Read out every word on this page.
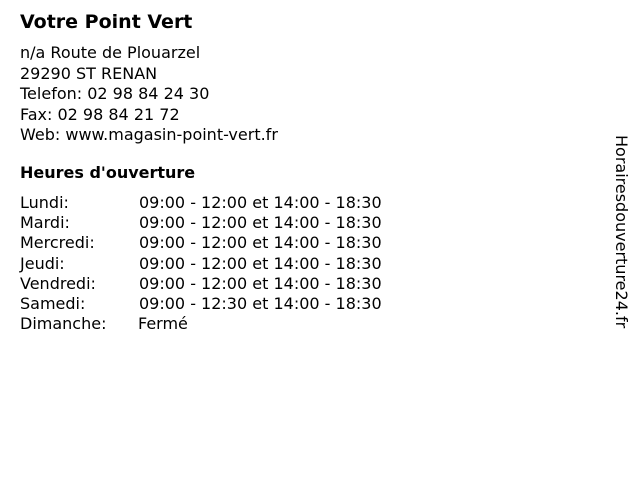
Votre Point Vert
n/a Route de Plouarzel
29290 ST RENAN
Telefon: 02 98 84 24 30
Fax: 02 98 84 21 72
Web: www.magasin-point-vert.fr
Heures d'ouverture
Lundi:	09:00 - 12:00 et 14:00 - 18:30
Mardi:	09:00 - 12:00 et 14:00 - 18:30
Mercredi:	09:00 - 12:00 et 14:00 - 18:30
Jeudi:	09:00 - 12:00 et 14:00 - 18:30
Vendredi:	09:00 - 12:00 et 14:00 - 18:30
Samedi:	09:00 - 12:30 et 14:00 - 18:30
Dimanche: Fermé	Horairesdouverture24.fr
